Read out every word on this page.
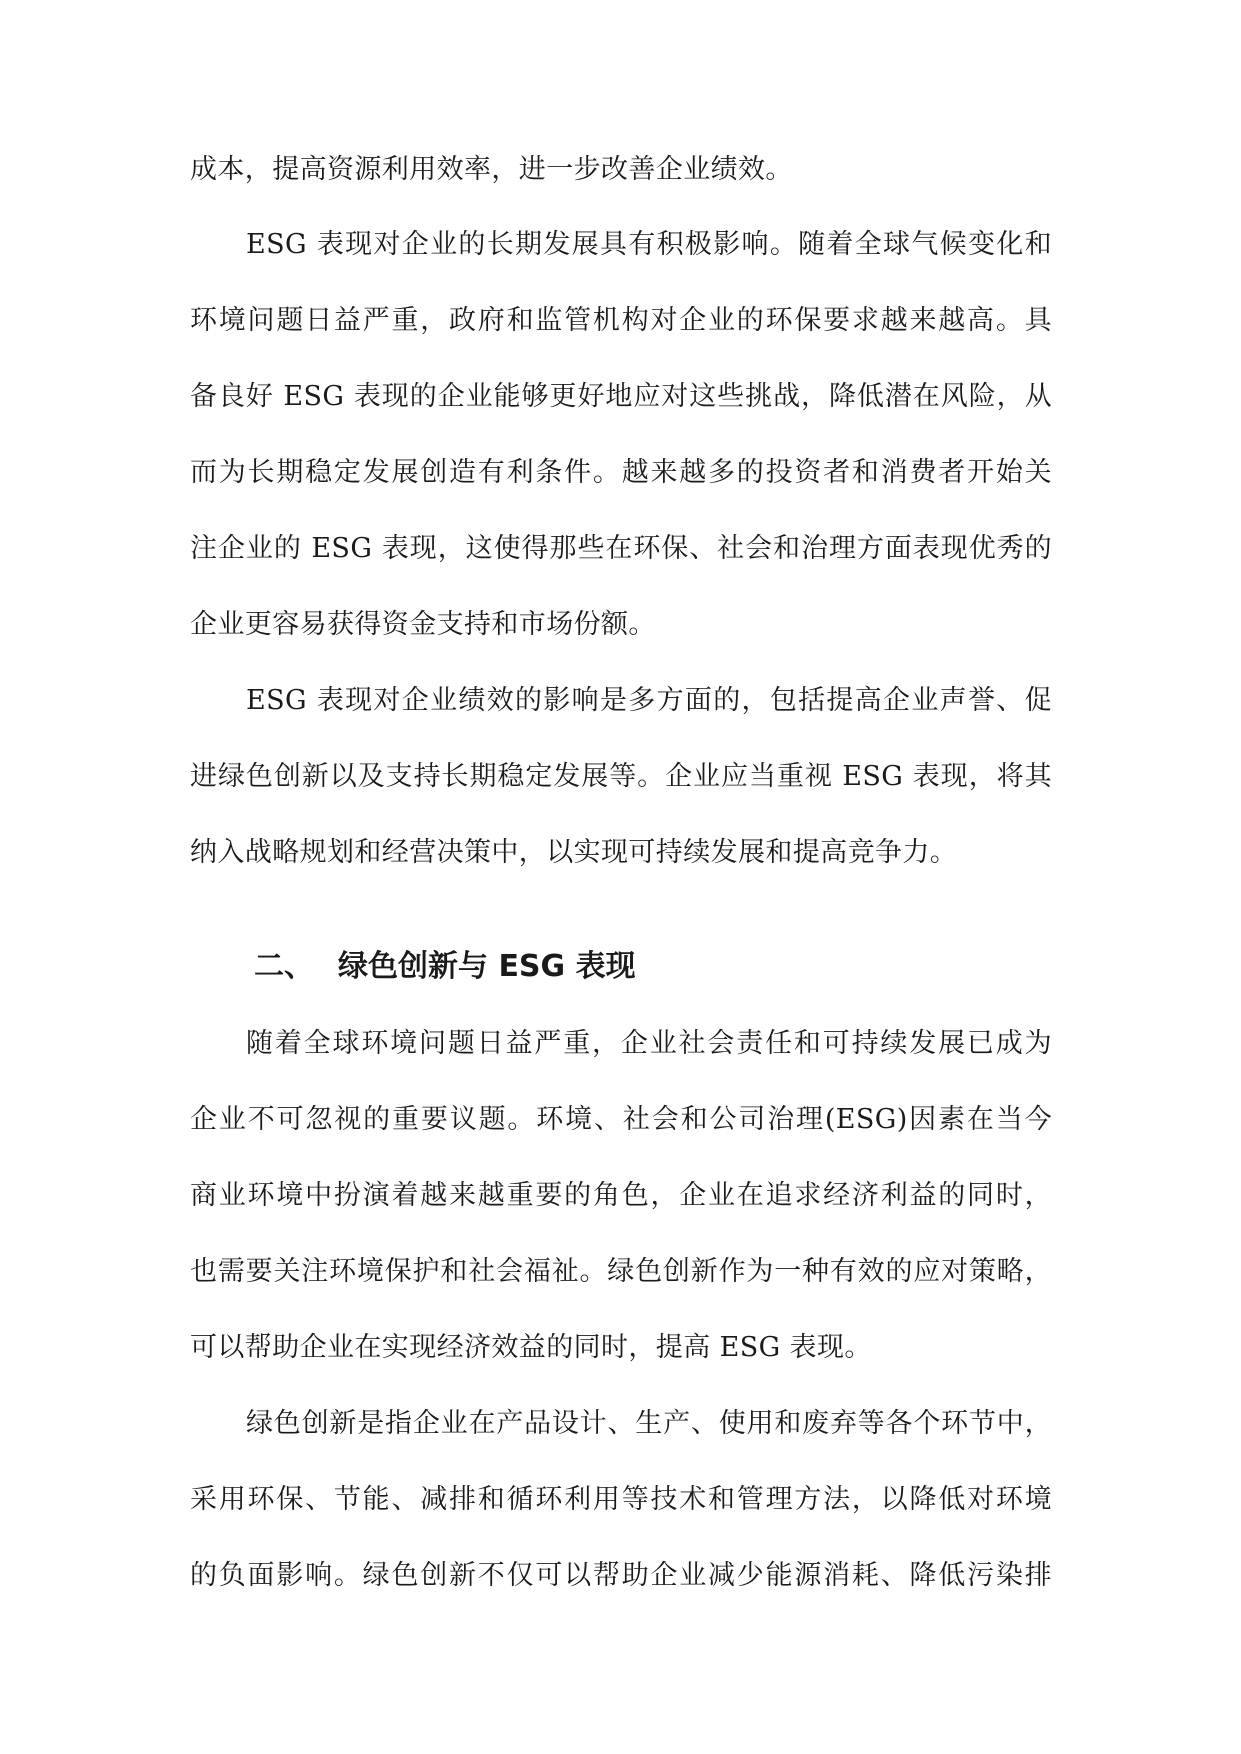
成本，提高资源利用效率，进一步改善企业绩效。
ESG 表现对企业的长期发展具有积极影响。随着全球气候变化和
环境问题日益严重，政府和监管机构对企业的环保要求越来越高。具
备良好 ESG 表现的企业能够更好地应对这些挑战，降低潜在风险，从
而为长期稳定发展创造有利条件。越来越多的投资者和消费者开始关
注企业的 ESG 表现，这使得那些在环保、社会和治理方面表现优秀的
企业更容易获得资金支持和市场份额。
ESG 表现对企业绩效的影响是多方面的，包括提高企业声誉、促
进绿色创新以及支持长期稳定发展等。企业应当重视 ESG 表现，将其
纳入战略规划和经营决策中，以实现可持续发展和提高竞争力。
二、 绿色创新与 ESG 表现
随着全球环境问题日益严重，企业社会责任和可持续发展已成为
企业不可忽视的重要议题。环境、社会和公司治理(ESG)因素在当今
商业环境中扮演着越来越重要的角色，企业在追求经济利益的同时，
也需要关注环境保护和社会福祉。绿色创新作为一种有效的应对策略，
可以帮助企业在实现经济效益的同时，提高 ESG 表现。
绿色创新是指企业在产品设计、生产、使用和废弃等各个环节中，
采用环保、节能、减排和循环利用等技术和管理方法，以降低对环境
的负面影响。绿色创新不仅可以帮助企业减少能源消耗、降低污染排
